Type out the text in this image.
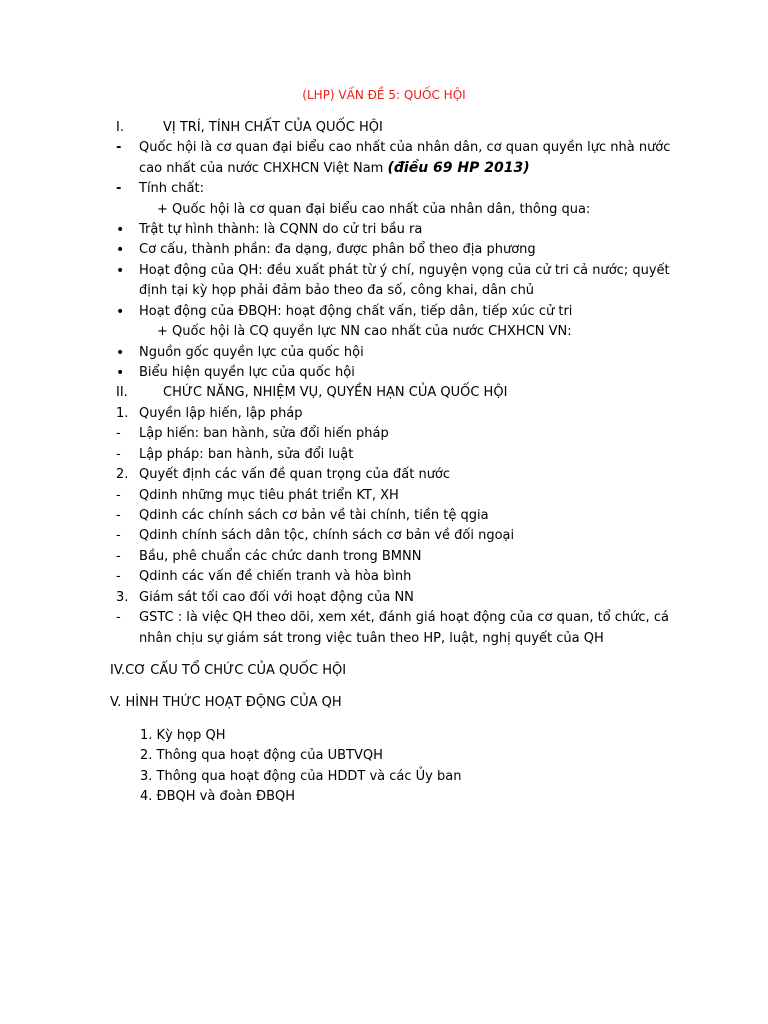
(LHP) VẤN ĐỀ 5: QUỐC HỘI
I.	VỊ TRÍ, TÍNH CHẤT CỦA QUỐC HỘI
- Quốc hội là cơ quan đại biểu cao nhất của nhân dân, cơ quan quyền lực nhà nước
cao nhất của nước CHXHCN Việt Nam (điều 69 HP 2013)
- Tính chất:
+ Quốc hội là cơ quan đại biểu cao nhất của nhân dân, thông qua:
• Trật tự hình thành: là CQNN do cử tri bầu ra
• Cơ cấu, thành phần: đa dạng, được phân bổ theo địa phương
• Hoạt động của QH: đều xuất phát từ ý chí, nguyện vọng của cử tri cả nước; quyết
định tại kỳ họp phải đảm bảo theo đa số, công khai, dân chủ
• Hoạt động của ĐBQH: hoạt động chất vấn, tiếp dân, tiếp xúc cử tri
+ Quốc hội là CQ quyền lực NN cao nhất của nước CHXHCN VN:
• Nguồn gốc quyền lực của quốc hội
• Biểu hiện quyền lực của quốc hội
II.	CHỨC NĂNG, NHIỆM VỤ, QUYỀN HẠN CỦA QUỐC HỘI
1. Quyền lập hiến, lập pháp
- Lập hiến: ban hành, sửa đổi hiến pháp
- Lập pháp: ban hành, sửa đổi luật
2. Quyết định các vấn đề quan trọng của đất nước
- Qdinh những mục tiêu phát triển KT, XH
- Qdinh các chính sách cơ bản về tài chính, tiền tệ qgia
- Qdinh chính sách dân tộc, chính sách cơ bản về đối ngoại
- Bầu, phê chuẩn các chức danh trong BMNN
- Qdinh các vấn đề chiến tranh và hòa bình
3. Giám sát tối cao đối với hoạt động của NN
- GSTC : là việc QH theo dõi, xem xét, đánh giá hoạt động của cơ quan, tổ chức, cá
nhân chịu sự giám sát trong việc tuân theo HP, luật, nghị quyết của QH
IV.CƠ CẤU TỔ CHỨC CỦA QUỐC HỘI
V. HÌNH THỨC HOẠT ĐỘNG CỦA QH
1. Kỳ họp QH
2. Thông qua hoạt động của UBTVQH
3. Thông qua hoạt động của HDDT và các Ủy ban
4. ĐBQH và đoàn ĐBQH
